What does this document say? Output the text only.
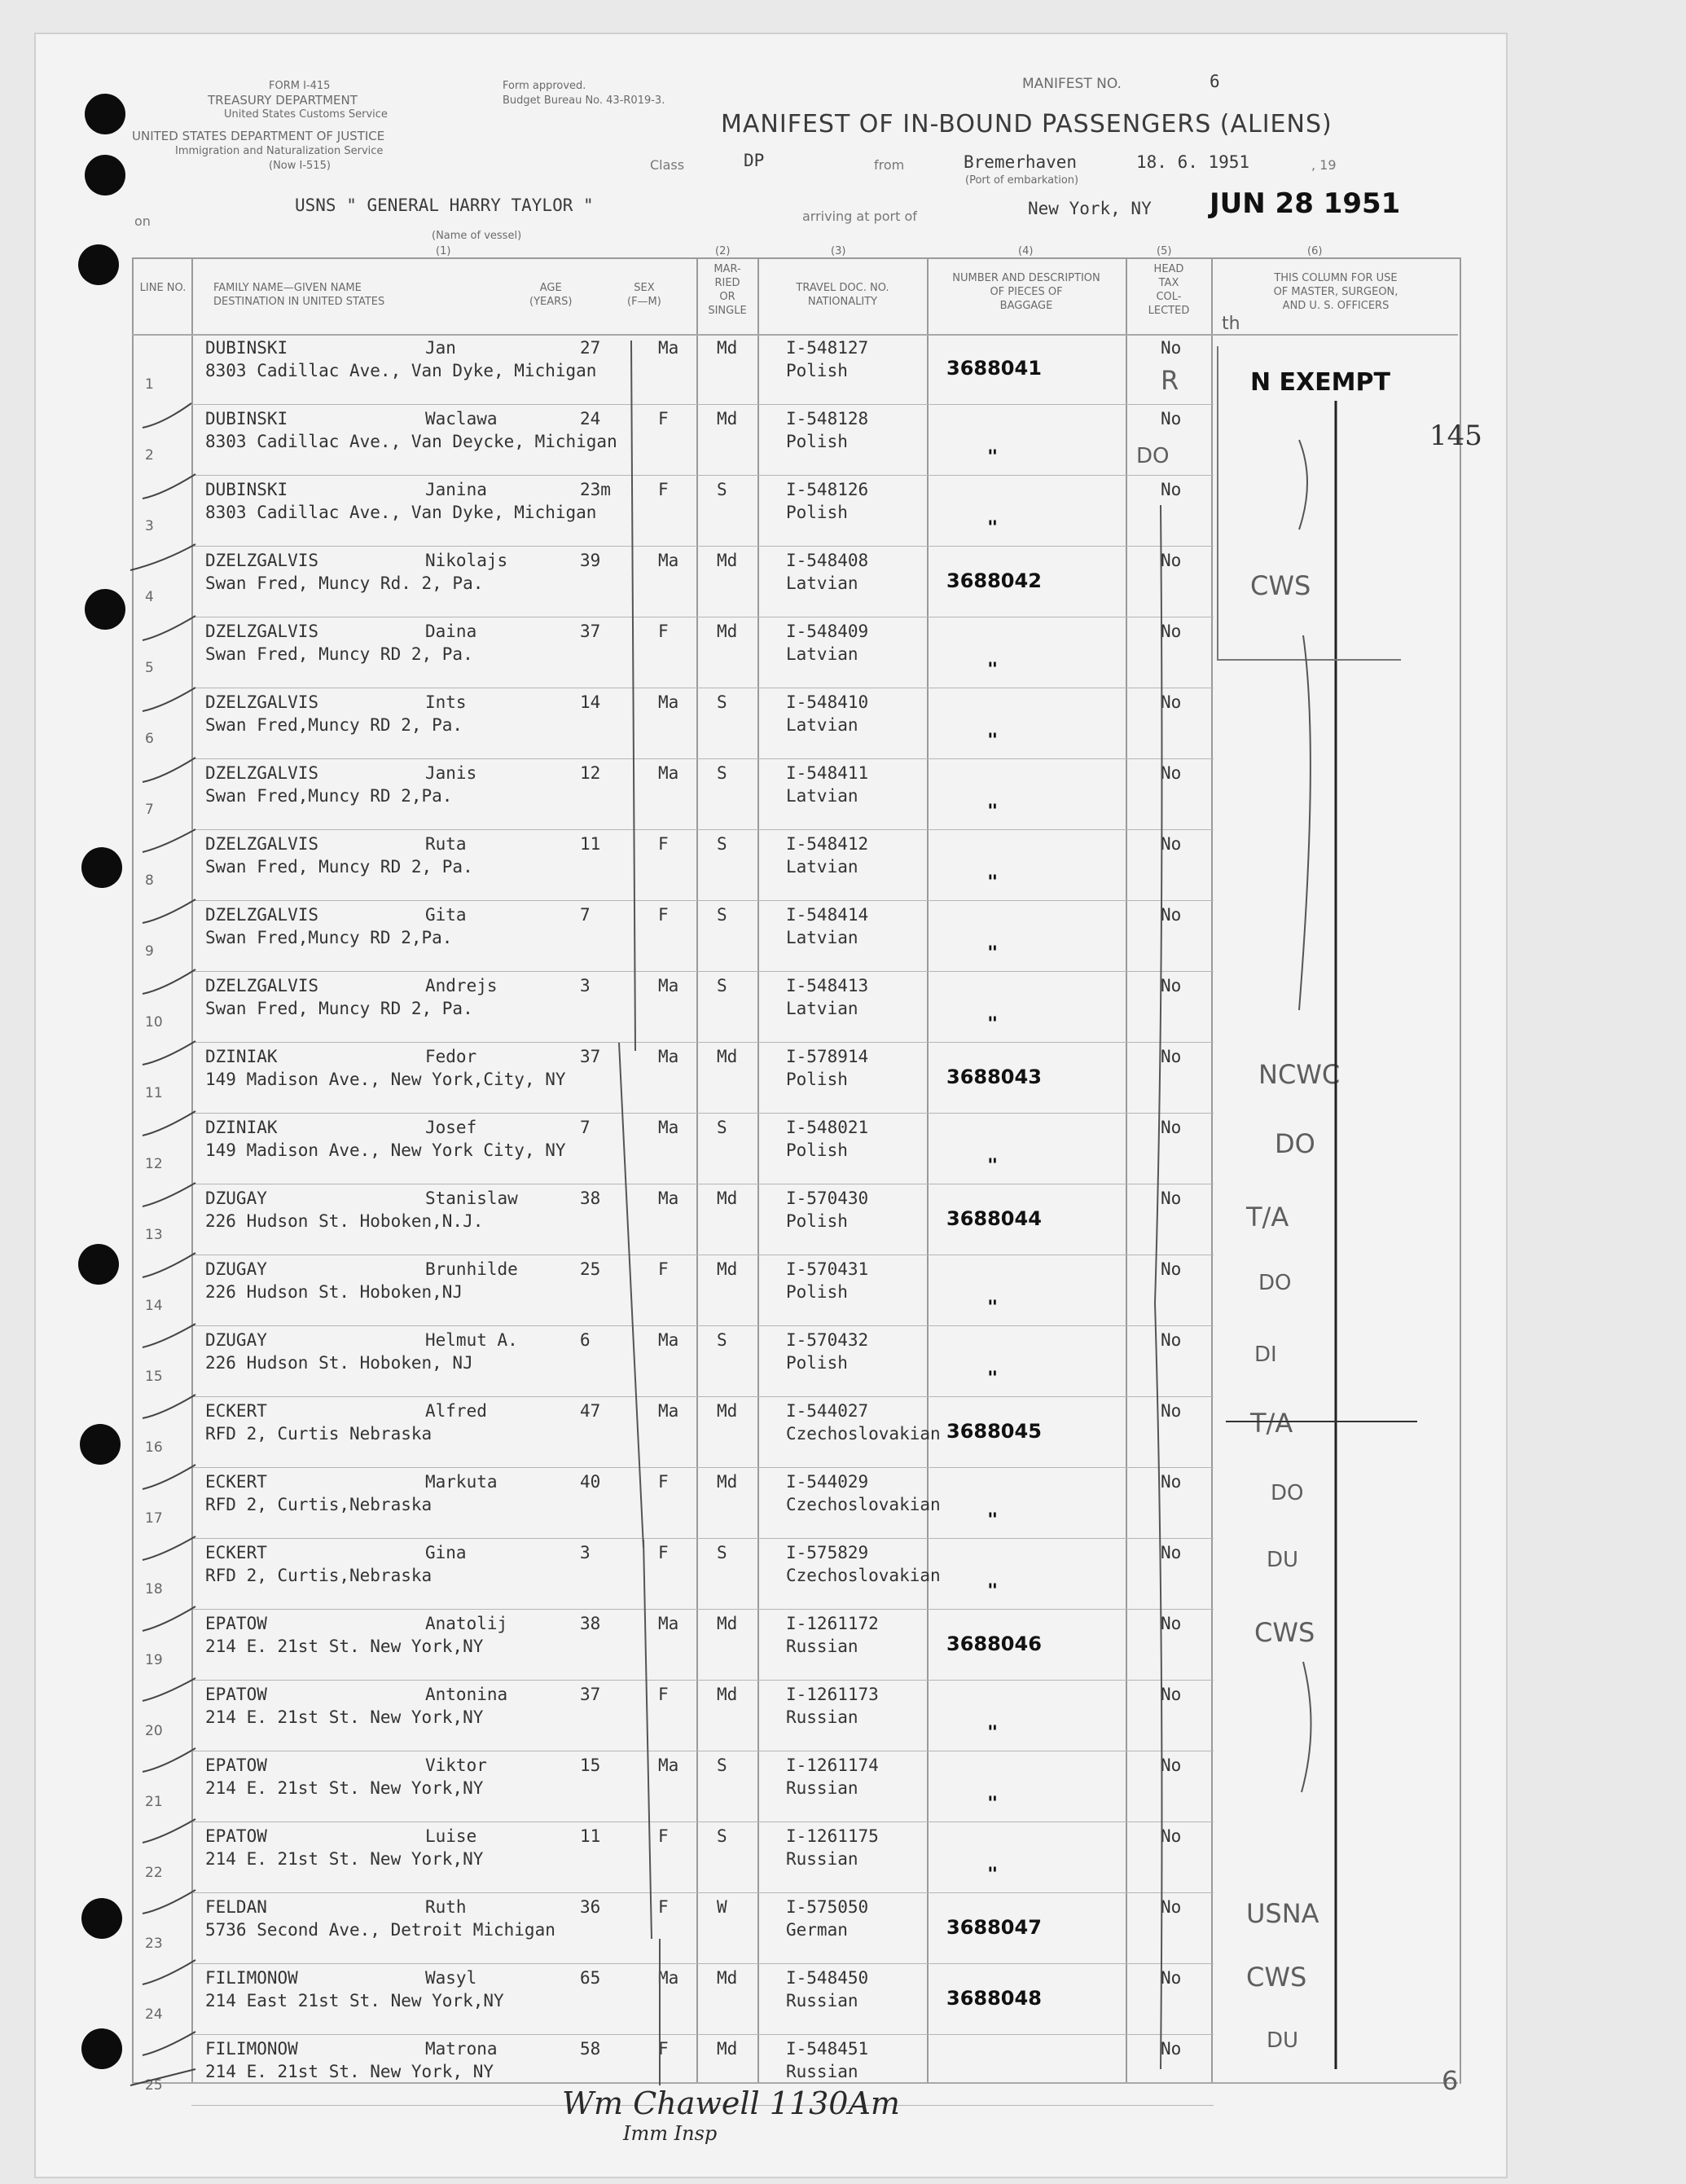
FORM I-415
TREASURY DEPARTMENT
United States Customs Service
UNITED STATES DEPARTMENT OF JUSTICE
Immigration and Naturalization Service
(Now I-515)
Form approved.
Budget Bureau No. 43-R019-3.
MANIFEST NO.	6
MANIFEST OF IN-BOUND PASSENGERS (ALIENS)
Class	DP	from	Bremerhaven	18. 6. 1951	, 19
(Port of embarkation)
on
USNS " GENERAL HARRY TAYLOR "
(Name of vessel)
arriving at port of	New York, NY JUN 28 1951
(1)	(2)	(3)	(4)	(5)	(6)
LINE NO.	FAMILY NAME—GIVEN NAME
DESTINATION IN UNITED STATES
AGE
(YEARS)
SEX
(F—M)
MAR-
RIED
OR
SINGLE
TRAVEL DOC. NO.
NATIONALITY
NUMBER AND DESCRIPTION
OF PIECES OF
BAGGAGE
HEAD
TAX
COL-
LECTED
THIS COLUMN FOR USE
OF MASTER, SURGEON,
AND U. S. OFFICERS
1
DUBINSKI	Jan
8303 Cadillac Ave., Van Dyke, Michigan
27	Ma Md	I-548127
Polish	3688041
No
2
DUBINSKI	Waclawa
8303 Cadillac Ave., Van Deycke, Michigan
24	F	Md	I-548128
Polish
"
No
3
DUBINSKI	Janina
8303 Cadillac Ave., Van Dyke, Michigan
23m	F	S	I-548126
Polish
"
No
4
DZELZGALVIS	Nikolajs
Swan Fred, Muncy Rd. 2, Pa.
39	Ma Md	I-548408
Latvian	3688042
No
5
DZELZGALVIS	Daina
Swan Fred, Muncy RD 2, Pa.
37	F	Md	I-548409
Latvian
"
No
6
DZELZGALVIS	Ints
Swan Fred,Muncy RD 2, Pa.
14	Ma S	I-548410
Latvian
"
No
7
DZELZGALVIS	Janis
Swan Fred,Muncy RD 2,Pa.
12	Ma S	I-548411
Latvian
"
No
8
DZELZGALVIS	Ruta
Swan Fred, Muncy RD 2, Pa.
11	F	S	I-548412
Latvian
"
No
9
DZELZGALVIS	Gita
Swan Fred,Muncy RD 2,Pa.
7	F	S	I-548414
Latvian
"
No
10
DZELZGALVIS	Andrejs
Swan Fred, Muncy RD 2, Pa.
3	Ma S	I-548413
Latvian
"
No
11
DZINIAK	Fedor
149 Madison Ave., New York,City, NY
37	Ma Md	I-578914
Polish	3688043
No
12
DZINIAK	Josef
149 Madison Ave., New York City, NY
7	Ma S	I-548021
Polish
"
No
13
DZUGAY	Stanislaw
226 Hudson St. Hoboken,N.J.
38	Ma Md	I-570430
Polish	3688044
No
14
DZUGAY	Brunhilde
226 Hudson St. Hoboken,NJ
25	F	Md	I-570431
Polish
"
No
15
DZUGAY	Helmut A.
226 Hudson St. Hoboken, NJ
6	Ma S	I-570432
Polish
"
No
16
ECKERT	Alfred
RFD 2, Curtis Nebraska
47	Ma Md	I-544027
Czechoslovakian 3688045
No
17
ECKERT	Markuta
RFD 2, Curtis,Nebraska
40	F	Md	I-544029
Czechoslovakian
"
No
18
ECKERT	Gina
RFD 2, Curtis,Nebraska
3	F	S	I-575829
Czechoslovakian
"
No
19
EPATOW	Anatolij
214 E. 21st St. New York,NY
38	Ma Md	I-1261172
Russian	3688046
No
20
EPATOW	Antonina
214 E. 21st St. New York,NY
37	F	Md	I-1261173
Russian
"
No
21
EPATOW	Viktor
214 E. 21st St. New York,NY
15	Ma S	I-1261174
Russian
"
No
22
EPATOW	Luise
214 E. 21st St. New York,NY
11	F	S	I-1261175
Russian
"
No
23
FELDAN	Ruth
5736 Second Ave., Detroit Michigan
36	F	W	I-575050
German	3688047
No
24
FILIMONOW	Wasyl
214 East 21st St. New York,NY
65	Ma Md	I-548450
Russian	3688048
No
25
FILIMONOW	Matrona
214 E. 21st St. New York, NY
58	F	Md	I-548451
Russian
No
th
N EXEMPT
145
R
DO
CWS
NCWC
DO
T/A
DO
DI
T/A
DO
DU
CWS
USNA
CWS
DU
6
Wm Chawell 1130Am
Imm Insp
